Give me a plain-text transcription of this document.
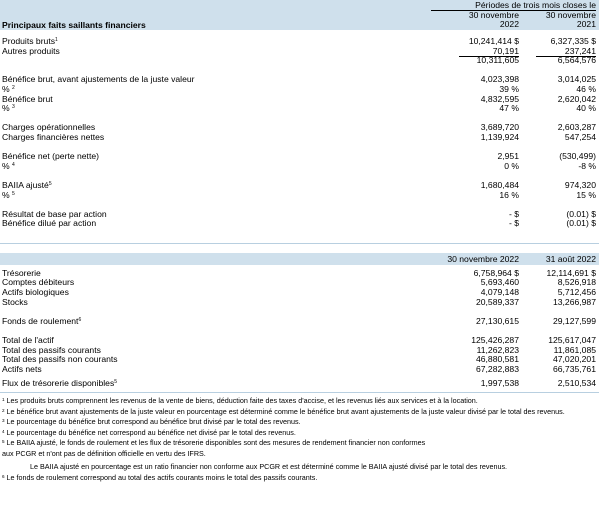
Périodes de trois mois closes le
30 novembre
2022
30 novembre
2021
Principaux faits saillants financiers
Produits bruts$^1$	10,241,414 $	6,327,335 $
Autres produits	70,191	237,241
10,311,605	6,564,576
Bénéfice brut, avant ajustements de la juste valeur	4,023,398	3,014,025
% $^2$	39 %	46 %
Bénéfice brut	4,832,595	2,620,042
% $^3$	47 %	40 %
Charges opérationnelles	3,689,720	2,603,287
Charges financières nettes	1,139,924	547,254
Bénéfice net (perte nette)	2,951	(530,499)
% $^4$	0 %	-8 %
BAIIA ajusté$^5$	1,680,484	974,320
% $^5$	16 %	15 %
Résultat de base par action	- $	(0.01) $
Bénéfice dilué par action	- $	(0.01) $
30 novembre 2022	31 août 2022
Trésorerie	6,758,964 $	12,114,691 $
Comptes débiteurs	5,693,460	8,526,918
Actifs biologiques	4,079,148	5,712,456
Stocks	20,589,337	13,266,987
Fonds de roulement$^6$	27,130,615	29,127,599
Total de l'actif	125,426,287	125,617,047
Total des passifs courants	11,262,823	11,861,085
Total des passifs non courants	46,880,581	47,020,201
Actifs nets	67,282,883	66,735,761
Flux de trésorerie disponibles$^5$	1,997,538	2,510,534
$^1$ Les produits bruts comprennent les revenus de la vente de biens, déduction faite des taxes d'accise, et les revenus liés aux services et à la location.
$^2$ Le bénéfice brut avant ajustements de la juste valeur en pourcentage est déterminé comme le bénéfice brut avant ajustements de la juste valeur divisé par le total des revenus.
$^3$ Le pourcentage du bénéfice brut correspond au bénéfice brut divisé par le total des revenus.
$^4$ Le pourcentage du bénéfice net correspond au bénéfice net divisé par le total des revenus.
$^5$ Le BAIIA ajusté, le fonds de roulement et les flux de trésorerie disponibles sont des mesures de rendement financier non conformes
aux PCGR et n'ont pas de définition officielle en vertu des IFRS.
Le BAIIA ajusté en pourcentage est un ratio financier non conforme aux PCGR et est déterminé comme le BAIIA ajusté divisé par le total des revenus.
$^6$ Le fonds de roulement correspond au total des actifs courants moins le total des passifs courants.
